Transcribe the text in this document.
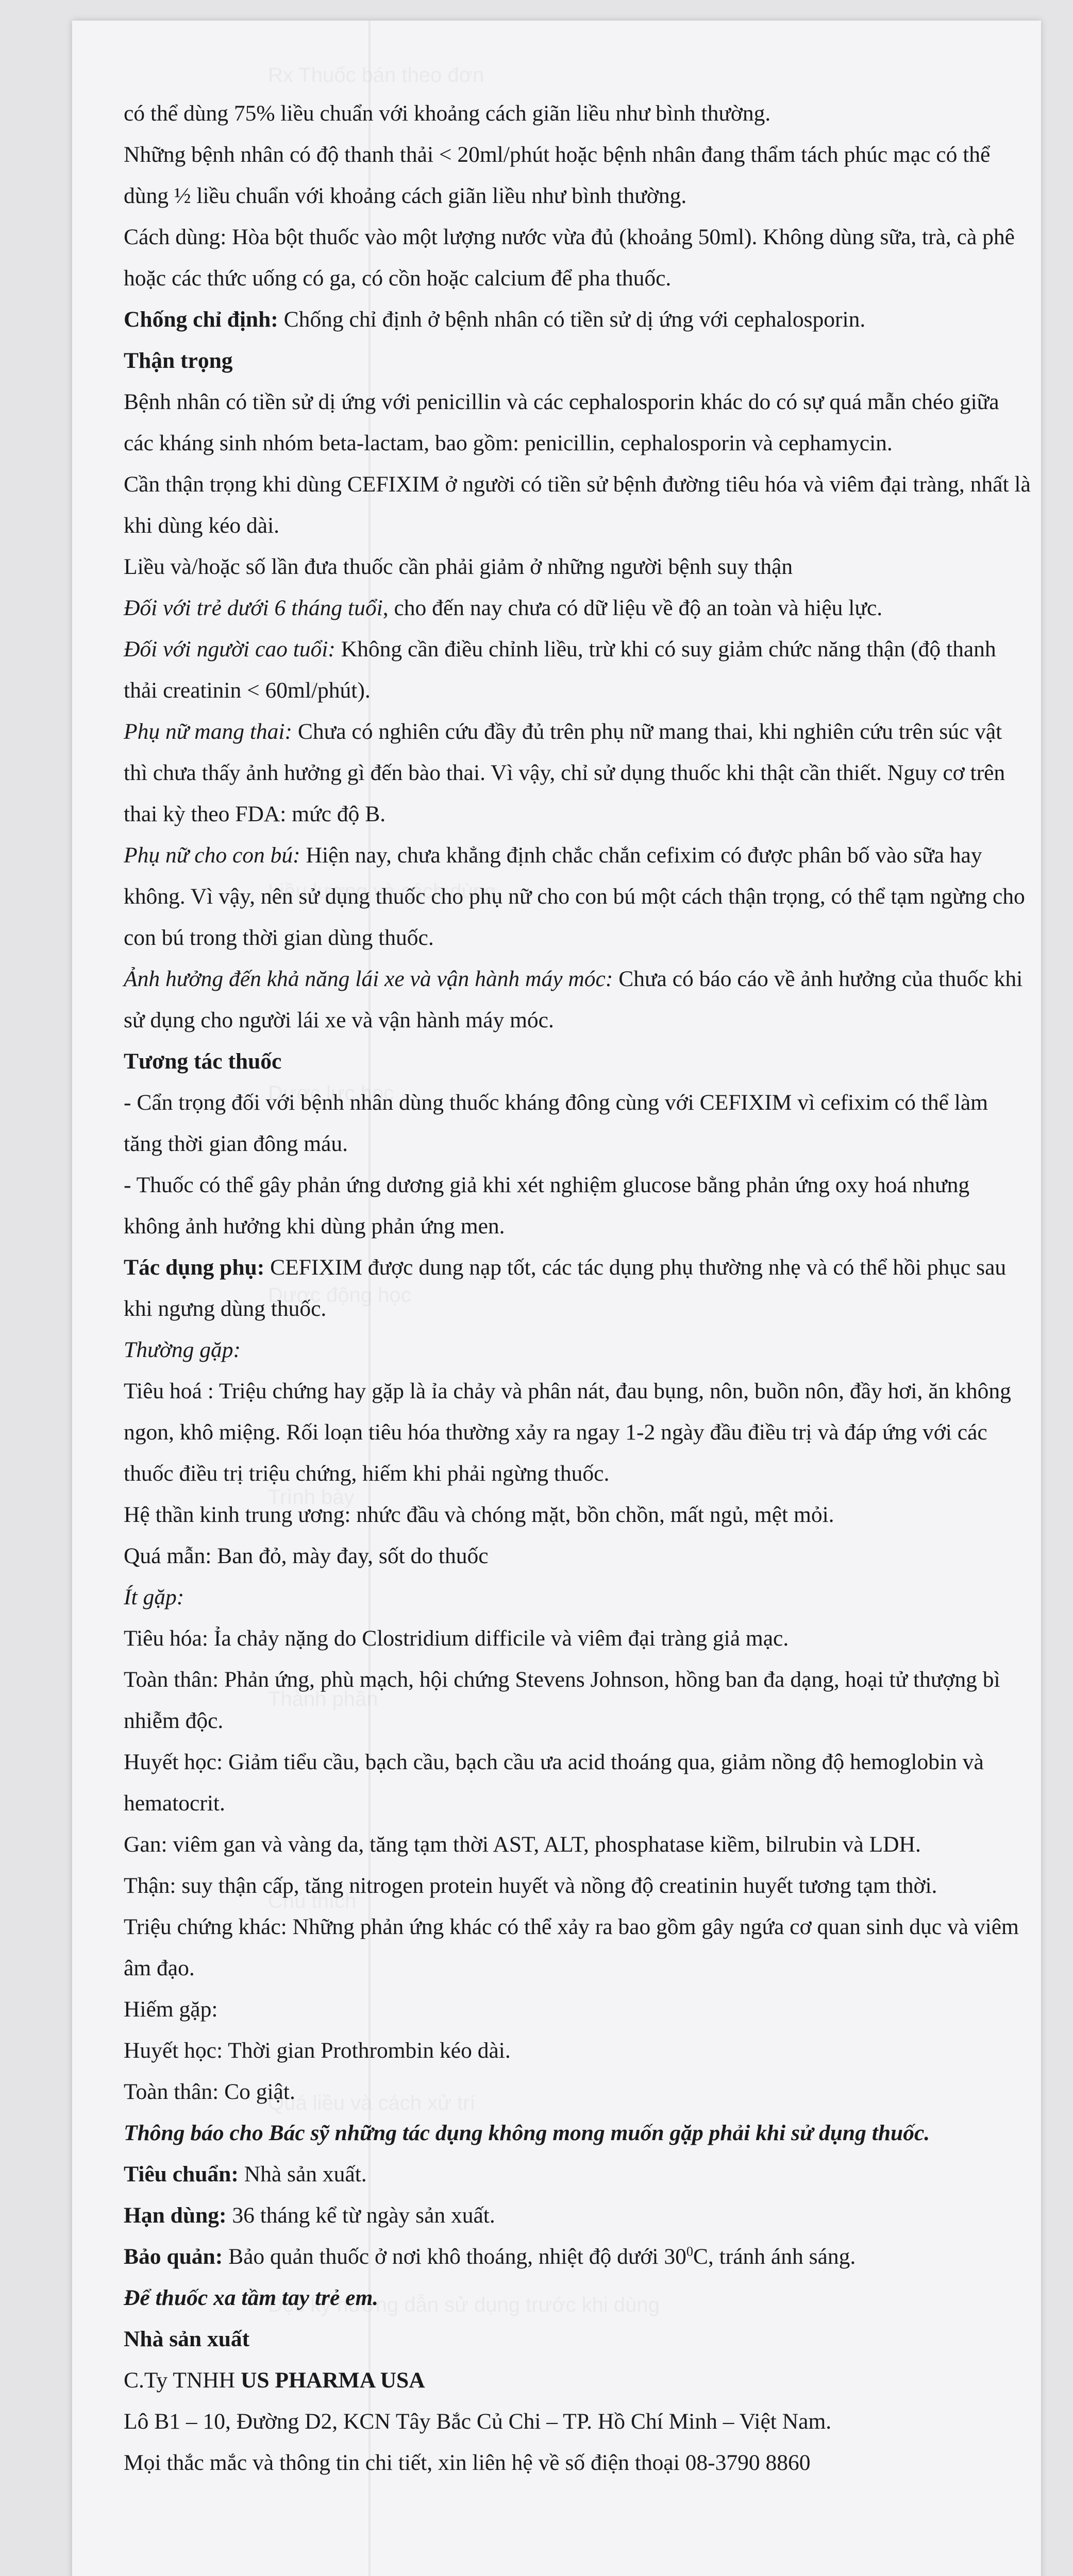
có thể dùng 75% liều chuẩn với khoảng cách giãn liều như bình thường.

Những bệnh nhân có độ thanh thải < 20ml/phút hoặc bệnh nhân đang thẩm tách phúc mạc có thể dùng ½ liều chuẩn với khoảng cách giãn liều như bình thường.

Cách dùng: Hòa bột thuốc vào một lượng nước vừa đủ (khoảng 50ml). Không dùng sữa, trà, cà phê hoặc các thức uống có ga, có cồn hoặc calcium để pha thuốc.

Chống chỉ định: Chống chỉ định ở bệnh nhân có tiền sử dị ứng với cephalosporin.

Thận trọng

Bệnh nhân có tiền sử dị ứng với penicillin và các cephalosporin khác do có sự quá mẫn chéo giữa các kháng sinh nhóm beta-lactam, bao gồm: penicillin, cephalosporin và cephamycin.

Cần thận trọng khi dùng CEFIXIM ở người có tiền sử bệnh đường tiêu hóa và viêm đại tràng, nhất là khi dùng kéo dài.

Liều và/hoặc số lần đưa thuốc cần phải giảm ở những người bệnh suy thận

Đối với trẻ dưới 6 tháng tuổi, cho đến nay chưa có dữ liệu về độ an toàn và hiệu lực.

Đối với người cao tuổi: Không cần điều chỉnh liều, trừ khi có suy giảm chức năng thận (độ thanh thải creatinin < 60ml/phút).

Phụ nữ mang thai: Chưa có nghiên cứu đầy đủ trên phụ nữ mang thai, khi nghiên cứu trên súc vật thì chưa thấy ảnh hưởng gì đến bào thai. Vì vậy, chỉ sử dụng thuốc khi thật cần thiết. Nguy cơ trên thai kỳ theo FDA: mức độ B.

Phụ nữ cho con bú: Hiện nay, chưa khẳng định chắc chắn cefixim có được phân bố vào sữa hay không. Vì vậy, nên sử dụng thuốc cho phụ nữ cho con bú một cách thận trọng, có thể tạm ngừng cho con bú trong thời gian dùng thuốc.

Ảnh hưởng đến khả năng lái xe và vận hành máy móc: Chưa có báo cáo về ảnh hưởng của thuốc khi sử dụng cho người lái xe và vận hành máy móc.

Tương tác thuốc

- Cẩn trọng đối với bệnh nhân dùng thuốc kháng đông cùng với CEFIXIM vì cefixim có thể làm tăng thời gian đông máu.

- Thuốc có thể gây phản ứng dương giả khi xét nghiệm glucose bằng phản ứng oxy hoá nhưng không ảnh hưởng khi dùng phản ứng men.

Tác dụng phụ: CEFIXIM được dung nạp tốt, các tác dụng phụ thường nhẹ và có thể hồi phục sau khi ngưng dùng thuốc.

Thường gặp:

Tiêu hoá : Triệu chứng hay gặp là ỉa chảy và phân nát, đau bụng, nôn, buồn nôn, đầy hơi, ăn không ngon, khô miệng. Rối loạn tiêu hóa thường xảy ra ngay 1-2 ngày đầu điều trị và đáp ứng với các thuốc điều trị triệu chứng, hiếm khi phải ngừng thuốc.

Hệ thần kinh trung ương: nhức đầu và chóng mặt, bồn chồn, mất ngủ, mệt mỏi.

Quá mẫn: Ban đỏ, mày đay, sốt do thuốc

Ít gặp:

Tiêu hóa: Ỉa chảy nặng do Clostridium difficile và viêm đại tràng giả mạc.

Toàn thân: Phản ứng, phù mạch, hội chứng Stevens Johnson, hồng ban đa dạng, hoại tử thượng bì nhiễm độc.

Huyết học: Giảm tiểu cầu, bạch cầu, bạch cầu ưa acid thoáng qua, giảm nồng độ hemoglobin và hematocrit.

Gan: viêm gan và vàng da, tăng tạm thời AST, ALT, phosphatase kiềm, bilrubin và LDH.

Thận: suy thận cấp, tăng nitrogen protein huyết và nồng độ creatinin huyết tương tạm thời.

Triệu chứng khác: Những phản ứng khác có thể xảy ra bao gồm gây ngứa cơ quan sinh dục và viêm âm đạo.

Hiếm gặp:

Huyết học: Thời gian Prothrombin kéo dài.

Toàn thân: Co giật.

Thông báo cho Bác sỹ những tác dụng không mong muốn gặp phải khi sử dụng thuốc.

Tiêu chuẩn: Nhà sản xuất.

Hạn dùng: 36 tháng kể từ ngày sản xuất.

Bảo quản: Bảo quản thuốc ở nơi khô thoáng, nhiệt độ dưới $30^0C$, tránh ánh sáng.

Để thuốc xa tầm tay trẻ em.

Nhà sản xuất

C.Ty TNHH US PHARMA USA

Lô B1 – 10, Đường D2, KCN Tây Bắc Củ Chi – TP. Hồ Chí Minh – Việt Nam.

Mọi thắc mắc và thông tin chi tiết, xin liên hệ về số điện thoại 08-3790 8860
